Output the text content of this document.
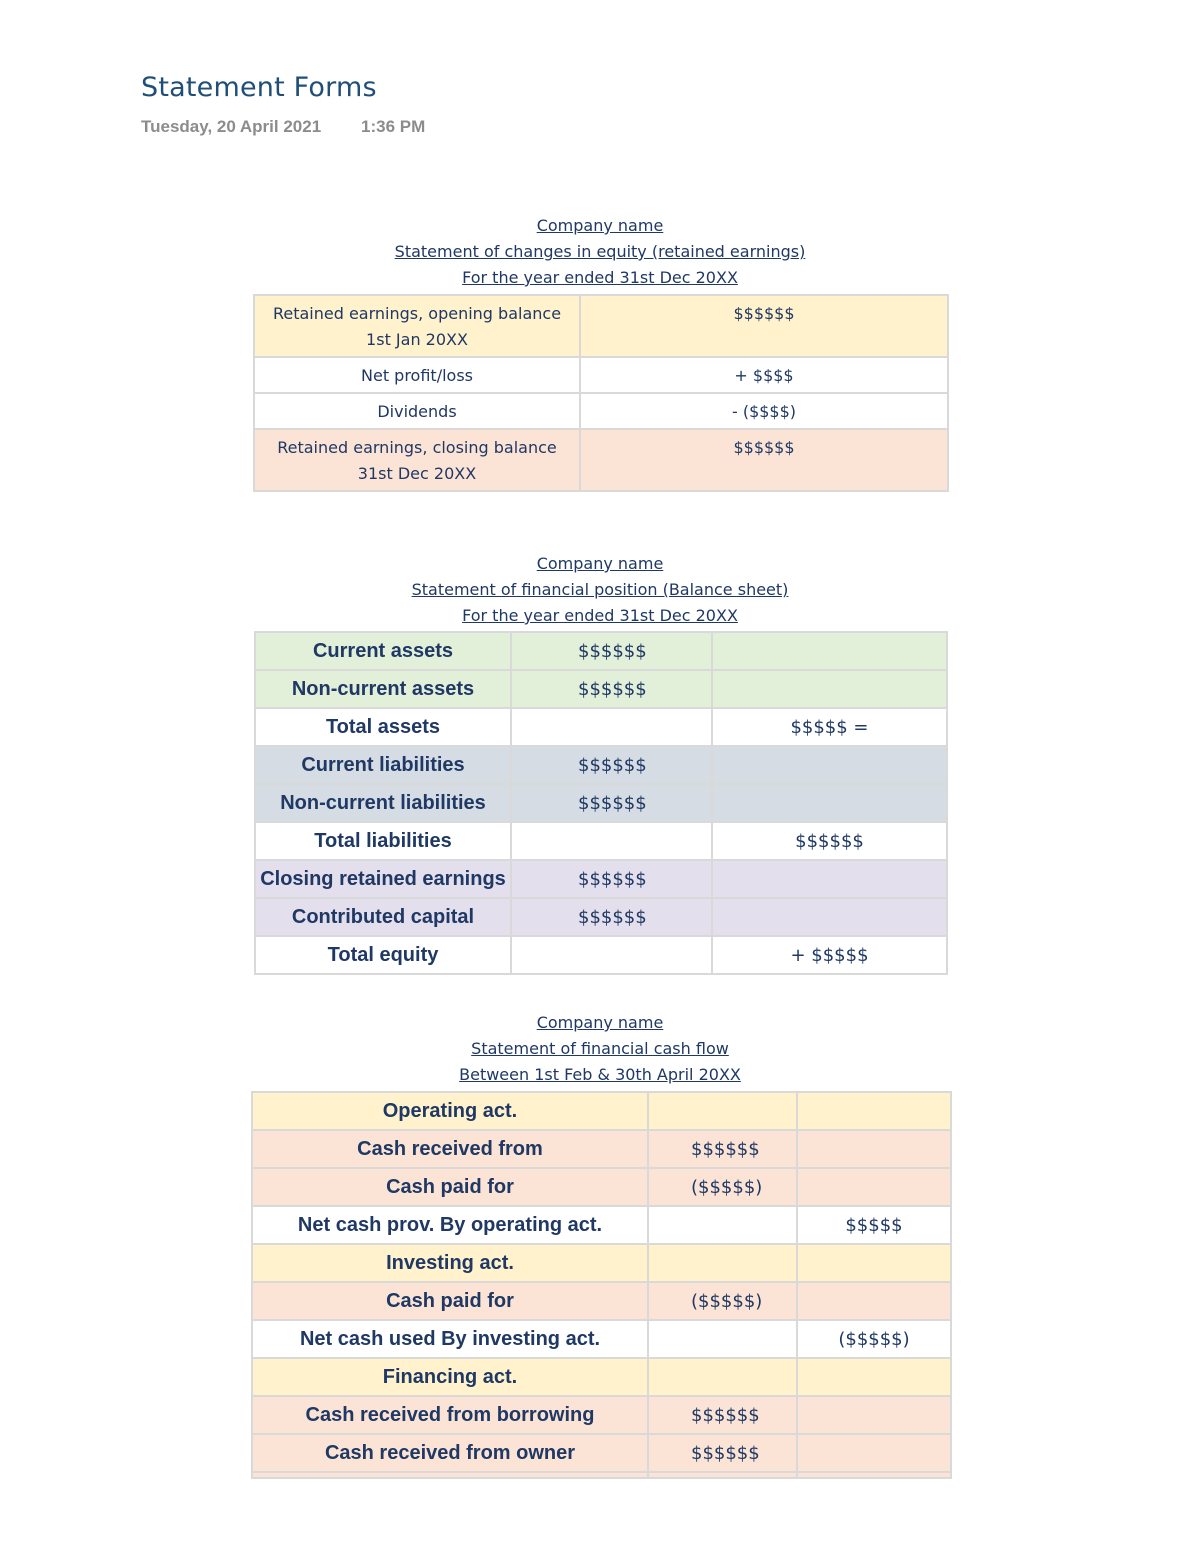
Statement Forms
Tuesday, 20 April 2021 1:36 PM
Company name
Statement of changes in equity (retained earnings)
For the year ended 31st Dec 20XX
Retained earnings, opening balance
1st Jan 20XX	$$$$$$
Net profit/loss	+ $$$$
Dividends	- ($$$$)

Retained earnings, closing balance
31st Dec 20XX	$$$$$$
Company name
Statement of financial position (Balance sheet)
For the year ended 31st Dec 20XX
Current assets	$$$$$$	
Non-current assets	$$$$$$	
Total assets		$$$$$ =
Current liabilities	$$$$$$	
Non-current liabilities	$$$$$$	
Total liabilities		$$$$$$
Closing retained earnings	$$$$$$	
Contributed capital	$$$$$$	
Total equity		+ $$$$$
Company name
Statement of financial cash flow
Between 1st Feb & 30th April 20XX
Operating act.		
Cash received from	$$$$$$	
Cash paid for	($$$$$)	
Net cash prov. By operating act.		$$$$$
Investing act.		
Cash paid for	($$$$$)	
Net cash used By investing act.		($$$$$)
Financing act.		
Cash received from borrowing	$$$$$$	
Cash received from owner	$$$$$$	
